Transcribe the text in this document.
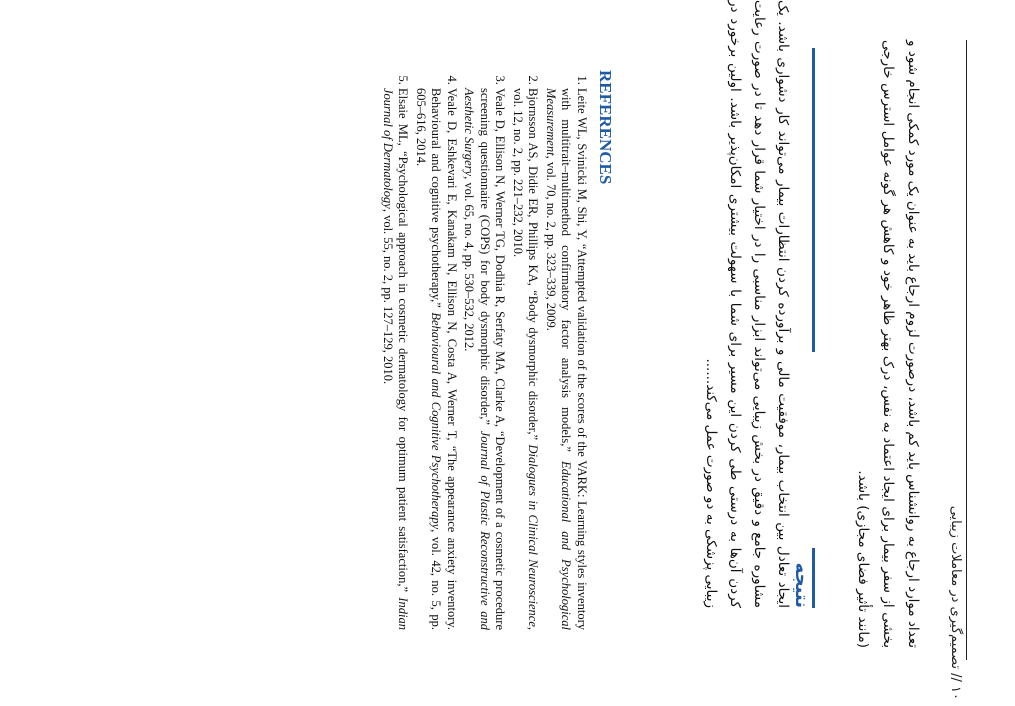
۱۰ // تصمیم‌گیری در معاملات زیبایی

تعداد موارد ارجاع به روانشناس باید کم باشد، درصورت لزوم ارجاع باید به عنوان یک مورد کمکی انجام شود و بخشی از سفر بیمار برای ایجاد اعتماد به نفس، درک بهتر ظاهر خود و کاهش هر گونه عوامل استرس خارجی (مانند تأثیر فضای مجازی) باشد.

نتیجه
ایجاد تعادل بین انتخاب بیمار، موفقیت مالی و برآورده کردن انتظارات بیمار می‌تواند کار دشواری باشد. یک مشاوره جامع و دقیق در بخش زیبایی می‌تواند ابزار مناسبی را در اختیار شما قرار دهد تا در صورت رعایت کردن آن‌ها به درستی طی کردن این مسیر برای شما با سهولت بیشتری امکان‌پذیر باشد. اولین برخورد در زیبایی پزشکی به دو صورت عمل می‌کند......
REFERENCES
1. Leite WL, Svinicki M, Shi, Y, “Attempted validation of the scores of the VARK: Learning styles inventory with multitrait–multimethod confirmatory factor analysis models,” Educational and Psychological Measurement, vol. 70, no. 2, pp. 323–339, 2009.
2. Bjornsson AS, Didie ER, Phillips KA, “Body dysmorphic disorder,” Dialogues in Clinical Neuroscience, vol. 12, no. 2, pp. 221–232, 2010.
3. Veale D, Ellison N, Werner TG, Dodhia R, Serfaty MA, Clarke A, “Development of a cosmetic procedure screening questionnaire (COPS) for body dysmorphic disorder,” Journal of Plastic Reconstructive and Aesthetic Surgery, vol. 65, no. 4, pp. 530–532, 2012.
4. Veale D, Eshkevari E, Kanakam N, Ellison N, Costa A, Werner T, “The appearance anxiety inventory. Behavioural and cognitive psychotherapy,” Behavioural and Cognitive Psychotherapy, vol. 42, no. 5, pp. 605–616, 2014.
5. Elsaie ML, “Psychological approach in cosmetic dermatology for optimum patient satisfaction,” Indian Journal of Dermatology, vol. 55, no. 2, pp. 127–129, 2010.
